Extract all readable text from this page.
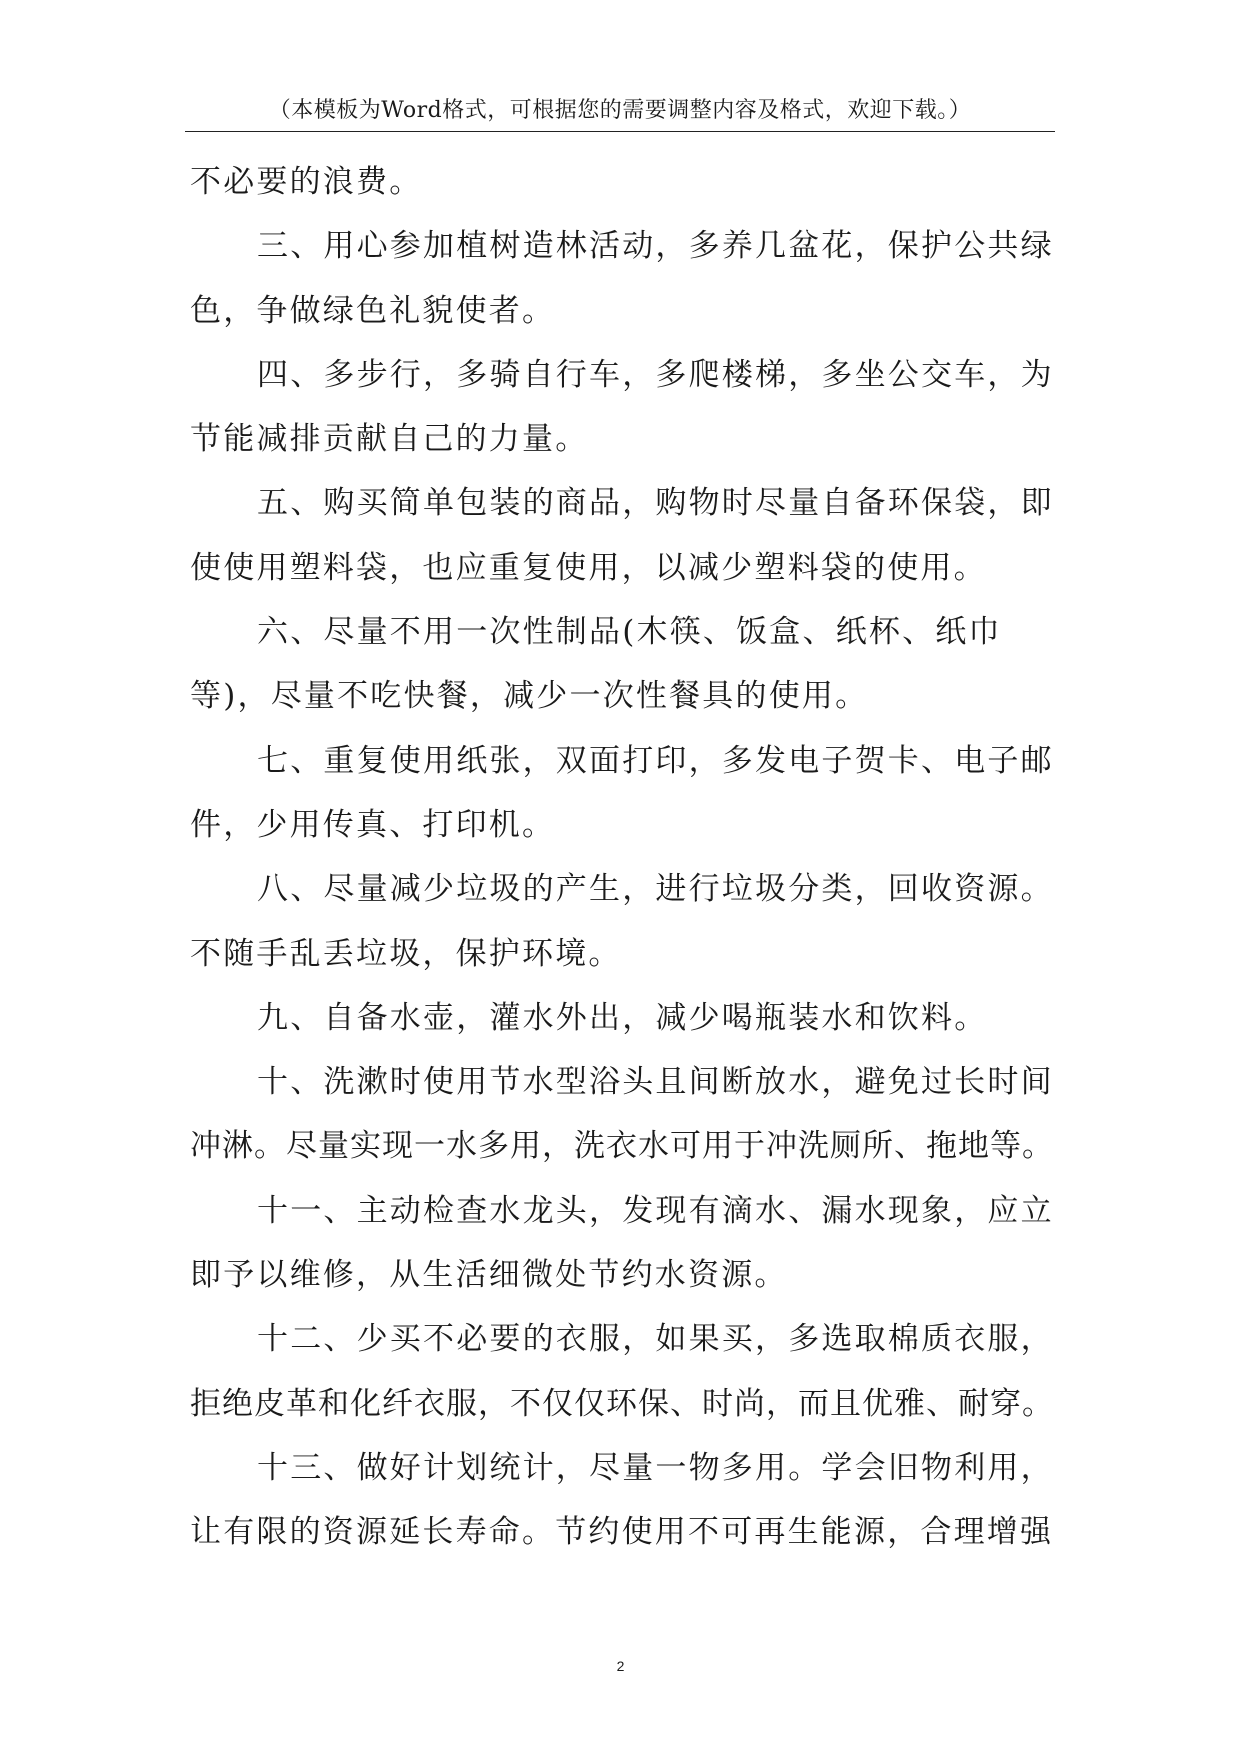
（本模板为Word格式，可根据您的需要调整内容及格式，欢迎下载。）
不必要的浪费。
三、用心参加植树造林活动，多养几盆花，保护公共绿
色，争做绿色礼貌使者。
四、多步行，多骑自行车，多爬楼梯，多坐公交车，为
节能减排贡献自己的力量。
五、购买简单包装的商品，购物时尽量自备环保袋，即
使使用塑料袋，也应重复使用，以减少塑料袋的使用。
六、尽量不用一次性制品(木筷、饭盒、纸杯、纸巾
等)，尽量不吃快餐，减少一次性餐具的使用。
七、重复使用纸张，双面打印，多发电子贺卡、电子邮
件，少用传真、打印机。
八、尽量减少垃圾的产生，进行垃圾分类，回收资源。
不随手乱丢垃圾，保护环境。
九、自备水壶，灌水外出，减少喝瓶装水和饮料。
十、洗漱时使用节水型浴头且间断放水，避免过长时间
冲淋。尽量实现一水多用，洗衣水可用于冲洗厕所、拖地等。
十一、主动检查水龙头，发现有滴水、漏水现象，应立
即予以维修，从生活细微处节约水资源。
十二、少买不必要的衣服，如果买，多选取棉质衣服，
拒绝皮革和化纤衣服，不仅仅环保、时尚，而且优雅、耐穿。
十三、做好计划统计，尽量一物多用。学会旧物利用，
让有限的资源延长寿命。节约使用不可再生能源，合理增强
2
